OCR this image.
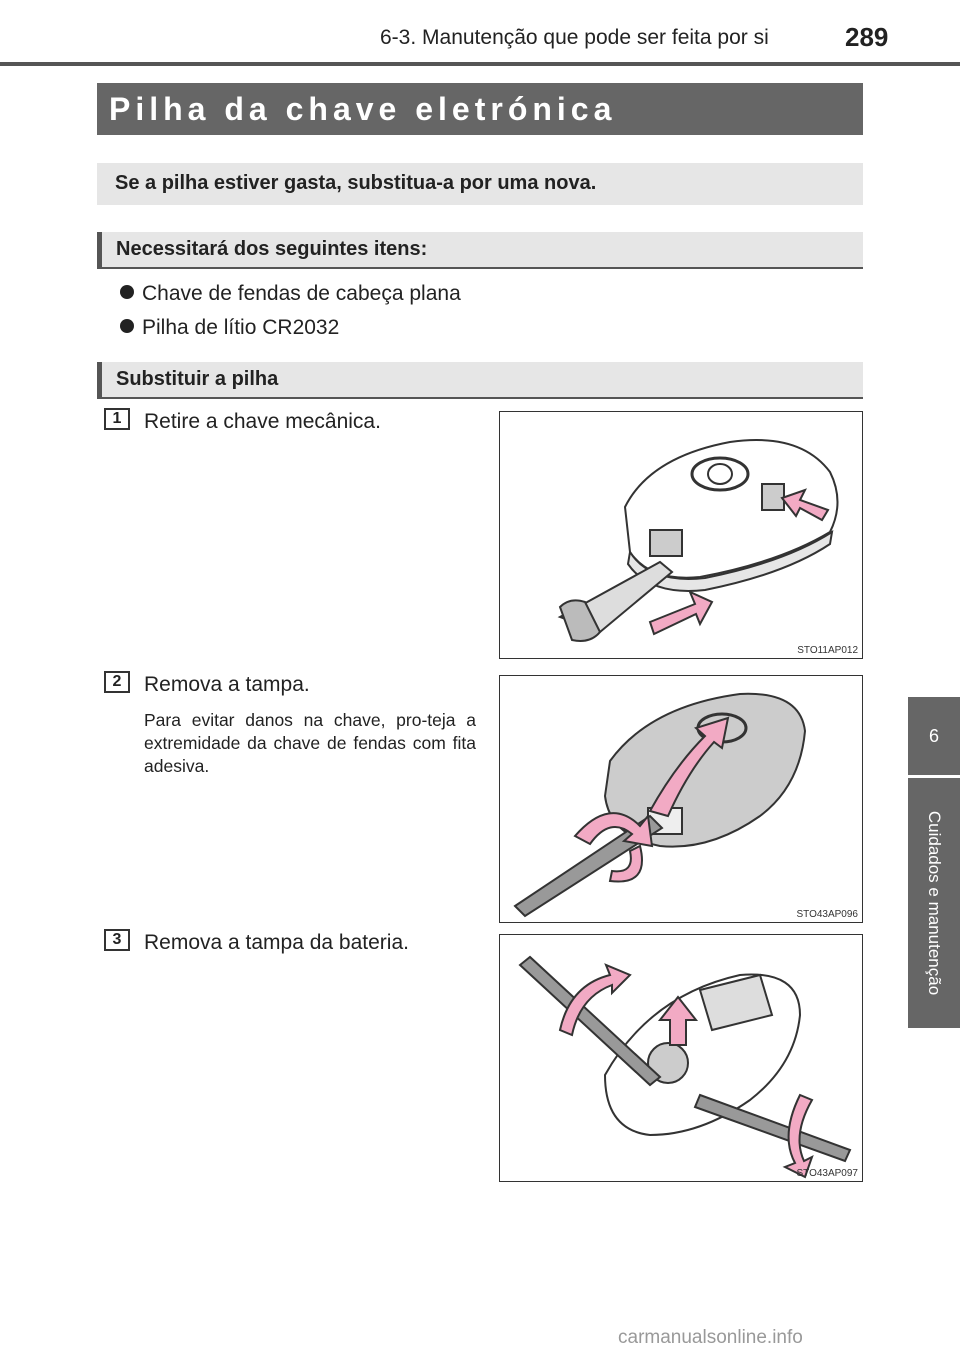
6-3. Manutenção que pode ser feita por si	289
6
Cuidados e manutenção
Pilha da chave eletrónica
Se a pilha estiver gasta, substitua-a por uma nova.
Necessitará dos seguintes itens:
Chave de fendas de cabeça plana
Pilha de lítio CR2032
Substituir a pilha
1	Retire a chave mecânica.
STO11AP012
2	Remova a tampa.
Para evitar danos na chave, pro-teja a extremidade da chave de fendas com fita adesiva.
STO43AP096
3	Remova a tampa da bateria.
STO43AP097
carmanualsonline.info
